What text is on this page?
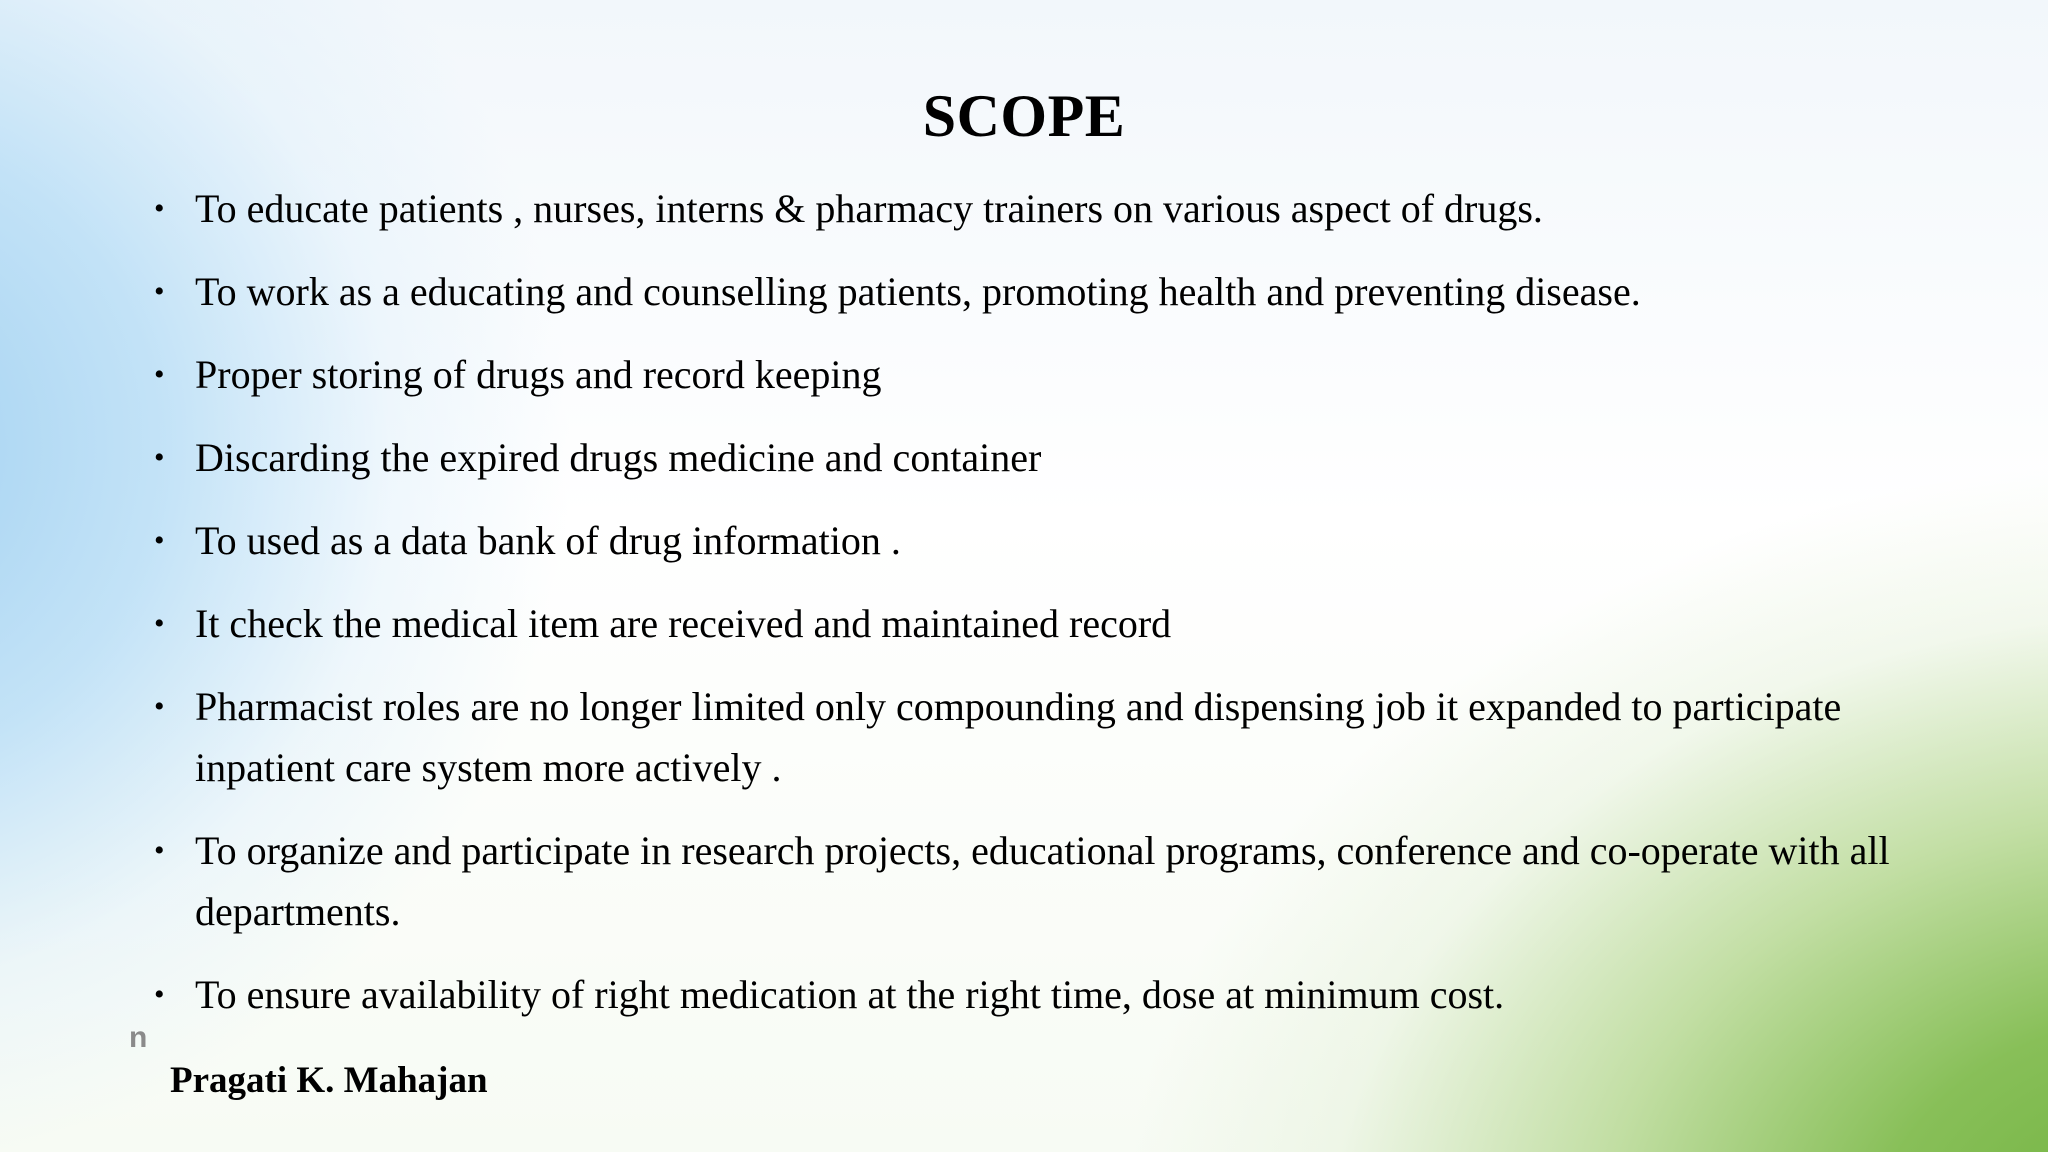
SCOPE
• To educate patients , nurses, interns & pharmacy trainers on various aspect of drugs.
• To work as a educating and counselling patients, promoting health and preventing disease.
• Proper storing of drugs and record keeping
• Discarding the expired drugs medicine and container
• To used as a data bank of drug information .
• It check the medical item are received and maintained record
• Pharmacist roles are no longer limited only compounding and dispensing job it expanded to participate inpatient care system more actively .
• To organize and participate in research projects, educational programs, conference and co-operate with all departments.
• To ensure availability of right medication at the right time, dose at minimum cost.
n
Pragati K. Mahajan
